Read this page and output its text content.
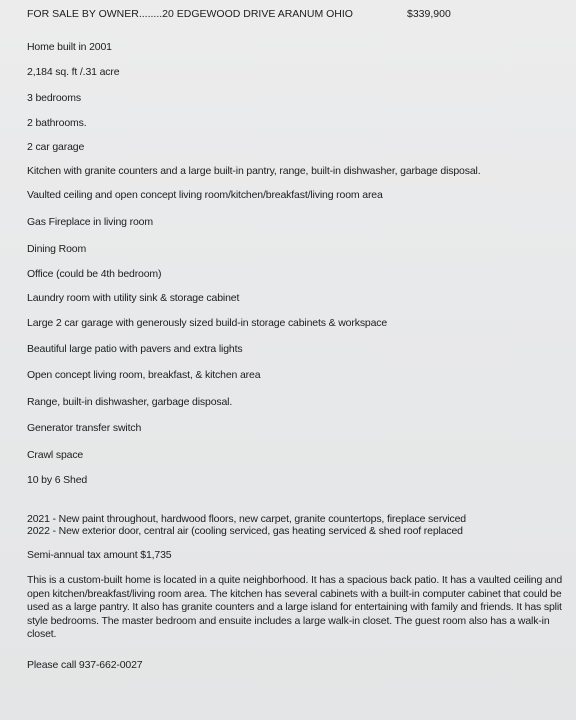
FOR SALE BY OWNER........20 EDGEWOOD DRIVE ARANUM OHIO	$339,900
Home built in 2001
2,184 sq. ft /.31 acre
3 bedrooms
2 bathrooms.
2 car garage
Kitchen with granite counters and a large built-in pantry, range, built-in dishwasher, garbage disposal.
Vaulted ceiling and open concept living room/kitchen/breakfast/living room area
Gas Fireplace in living room
Dining Room
Office (could be 4th bedroom)
Laundry room with utility sink & storage cabinet
Large 2 car garage with generously sized build-in storage cabinets & workspace
Beautiful large patio with pavers and extra lights
Open concept living room, breakfast, & kitchen area
Range, built-in dishwasher, garbage disposal.
Generator transfer switch
Crawl space
10 by 6 Shed
2021 - New paint throughout, hardwood floors, new carpet, granite countertops, fireplace serviced
2022 - New exterior door, central air (cooling serviced, gas heating serviced & shed roof replaced
Semi-annual tax amount $1,735
This is a custom-built home is located in a quite neighborhood. It has a spacious back patio. It has a vaulted ceiling and open kitchen/breakfast/living room area. The kitchen has several cabinets with a built-in computer cabinet that could be used as a large pantry. It also has granite counters and a large island for entertaining with family and friends. It has split style bedrooms. The master bedroom and ensuite includes a large walk-in closet. The guest room also has a walk-in closet.
Please call 937-662-0027
